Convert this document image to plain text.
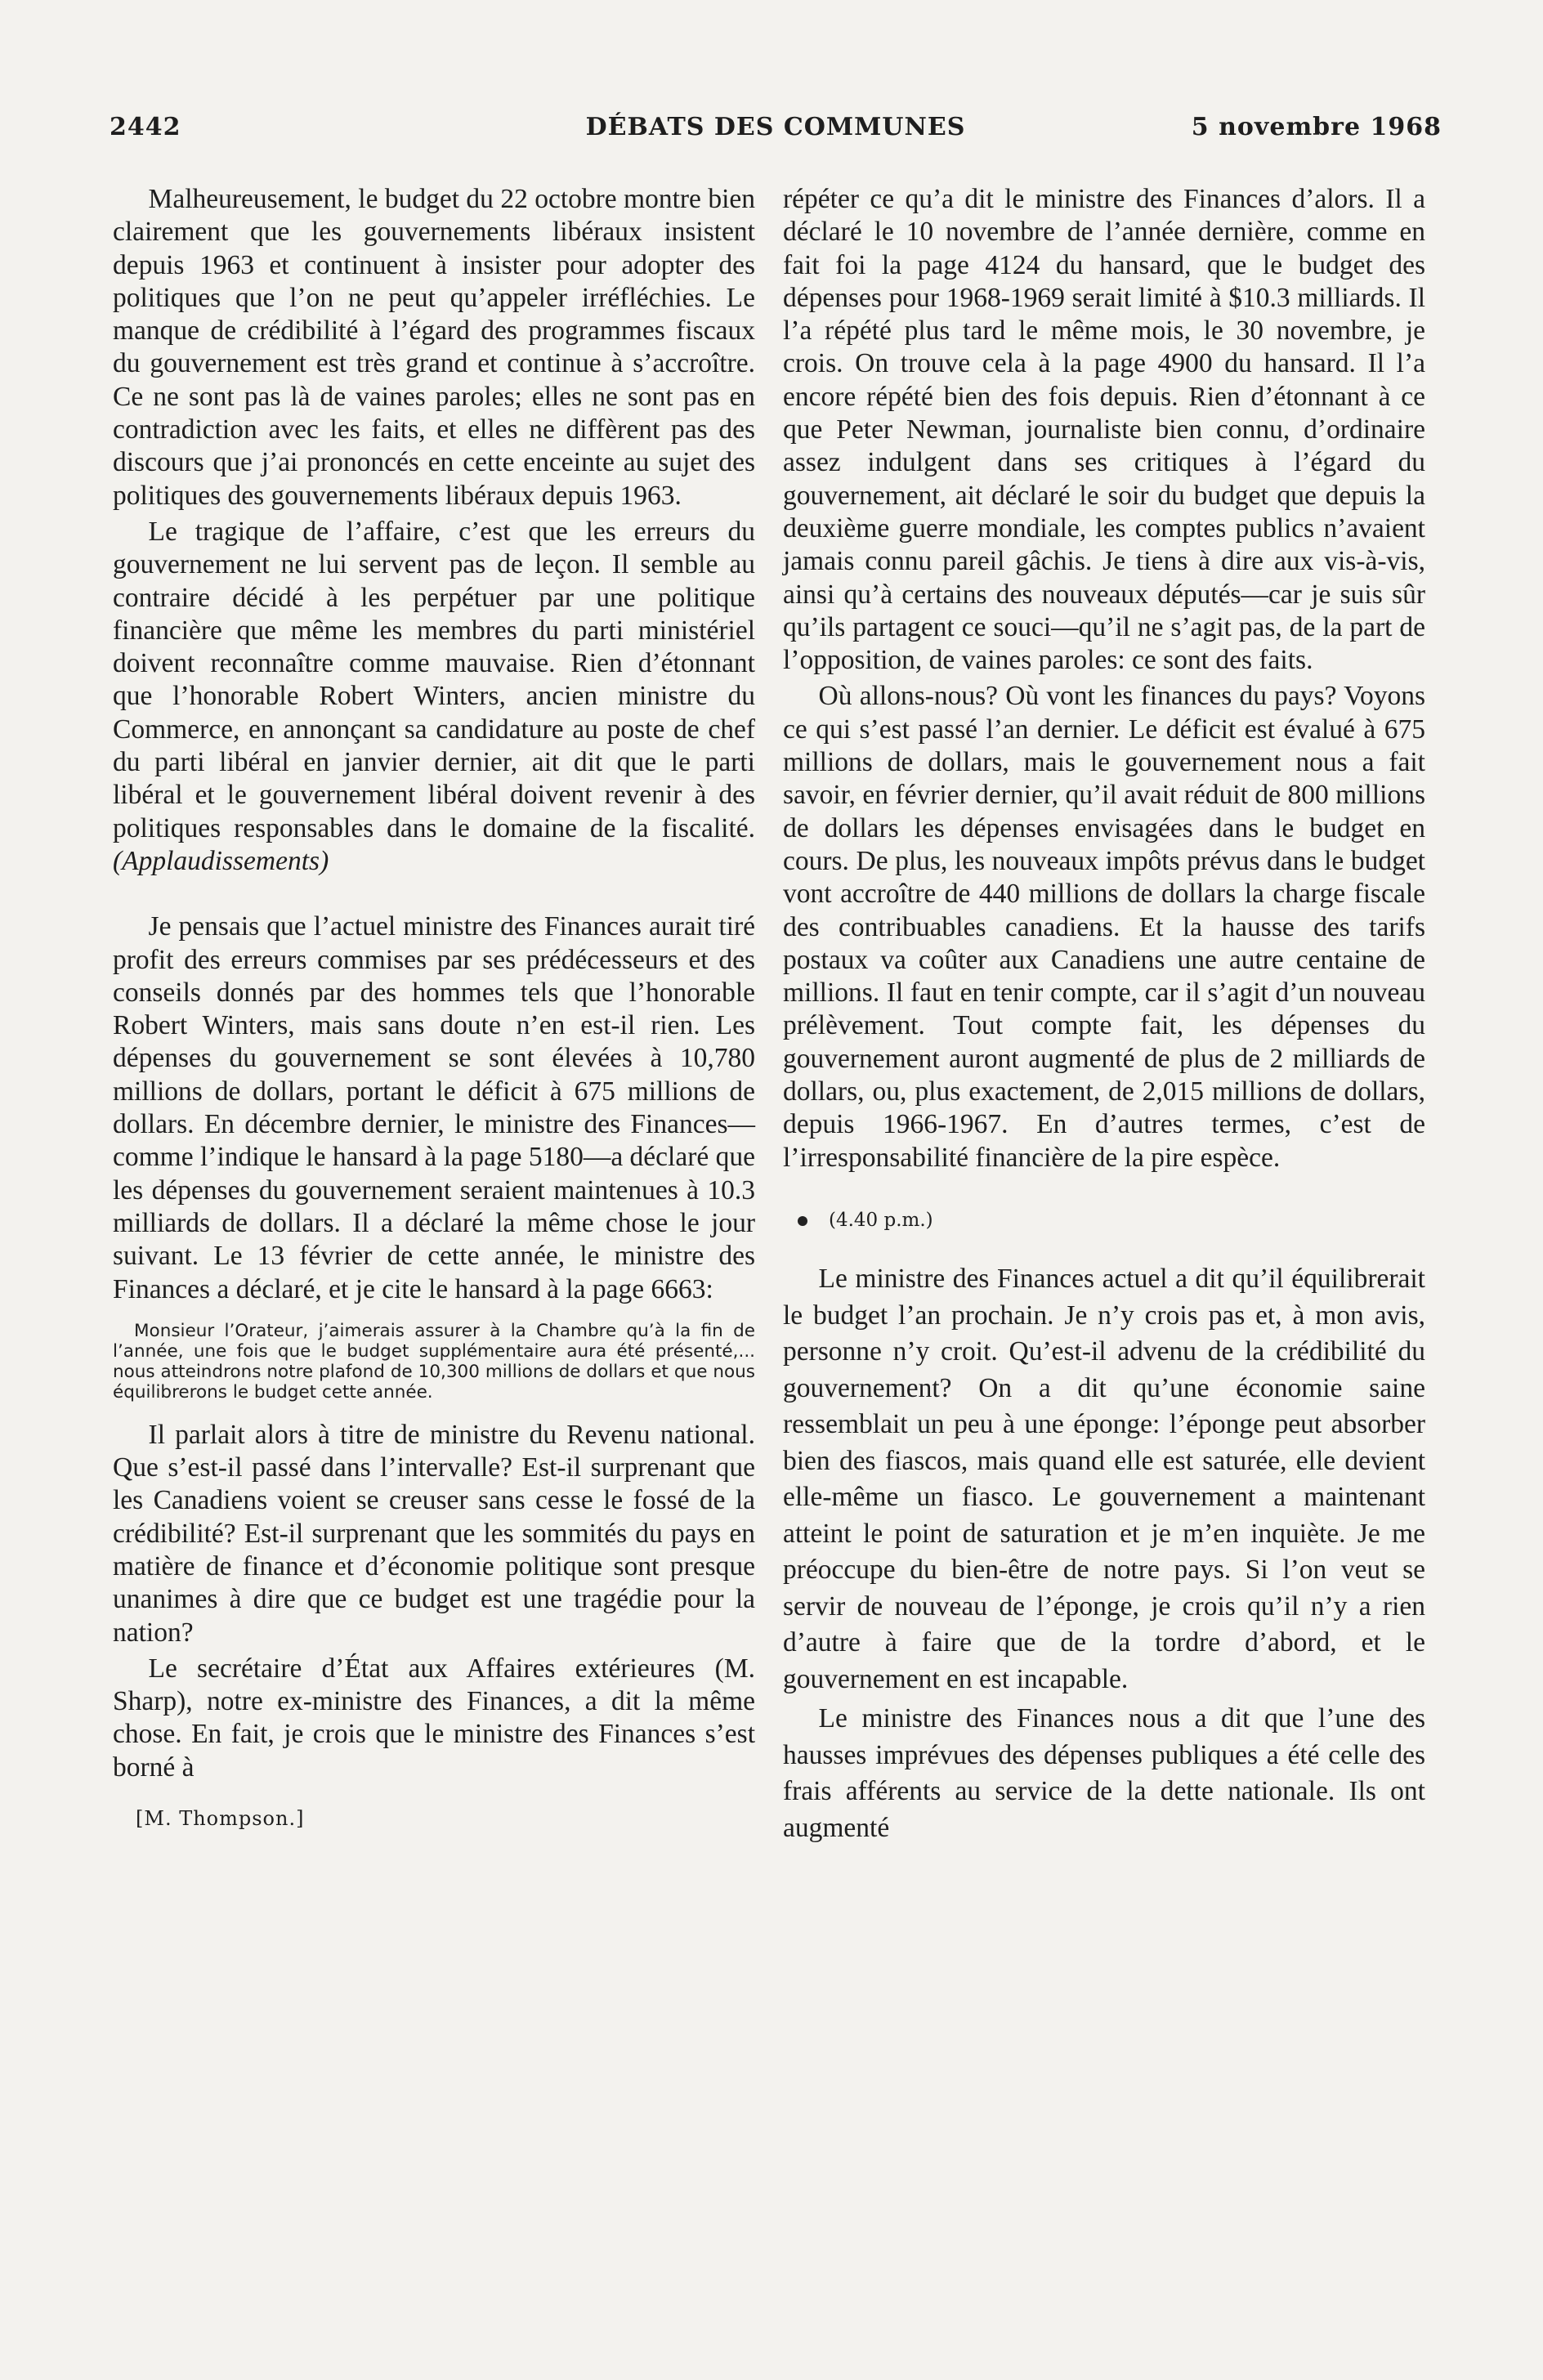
2442	DÉBATS DES COMMUNES	5 novembre 1968

Malheureusement, le budget du 22 octobre montre bien clairement que les gouvernements libéraux insistent depuis 1963 et continuent à insister pour adopter des politiques que l’on ne peut qu’appeler irréfléchies. Le manque de crédibilité à l’égard des programmes fiscaux du gouvernement est très grand et continue à s’accroître. Ce ne sont pas là de vaines paroles; elles ne sont pas en contradiction avec les faits, et elles ne diffèrent pas des discours que j’ai prononcés en cette enceinte au sujet des politiques des gouvernements libéraux depuis 1963.

Le tragique de l’affaire, c’est que les erreurs du gouvernement ne lui servent pas de leçon. Il semble au contraire décidé à les perpétuer par une politique financière que même les membres du parti ministériel doivent reconnaître comme mauvaise. Rien d’étonnant que l’honorable Robert Winters, ancien ministre du Commerce, en annonçant sa candidature au poste de chef du parti libéral en janvier dernier, ait dit que le parti libéral et le gouvernement libéral doivent revenir à des politiques responsables dans le domaine de la fiscalité. (Applaudissements)

Je pensais que l’actuel ministre des Finances aurait tiré profit des erreurs commises par ses prédécesseurs et des conseils donnés par des hommes tels que l’honorable Robert Winters, mais sans doute n’en est-il rien. Les dépenses du gouvernement se sont élevées à 10,780 millions de dollars, portant le déficit à 675 millions de dollars. En décembre dernier, le ministre des Finances—comme l’indique le hansard à la page 5180—a déclaré que les dépenses du gouvernement seraient maintenues à 10.3 milliards de dollars. Il a déclaré la même chose le jour suivant. Le 13 février de cette année, le ministre des Finances a déclaré, et je cite le hansard à la page 6663:

Monsieur l’Orateur, j’aimerais assurer à la Chambre qu’à la fin de l’année, une fois que le budget supplémentaire aura été présenté,... nous atteindrons notre plafond de 10,300 millions de dollars et que nous équilibrerons le budget cette année.

Il parlait alors à titre de ministre du Revenu national. Que s’est-il passé dans l’intervalle? Est-il surprenant que les Canadiens voient se creuser sans cesse le fossé de la crédibilité? Est-il surprenant que les sommités du pays en matière de finance et d’économie politique sont presque unanimes à dire que ce budget est une tragédie pour la nation?

Le secrétaire d’État aux Affaires extérieures (M. Sharp), notre ex-ministre des Finances, a dit la même chose. En fait, je crois que le ministre des Finances s’est borné à

[M. Thompson.]

répéter ce qu’a dit le ministre des Finances d’alors. Il a déclaré le 10 novembre de l’année dernière, comme en fait foi la page 4124 du hansard, que le budget des dépenses pour 1968-1969 serait limité à $10.3 milliards. Il l’a répété plus tard le même mois, le 30 novembre, je crois. On trouve cela à la page 4900 du hansard. Il l’a encore répété bien des fois depuis. Rien d’étonnant à ce que Peter Newman, journaliste bien connu, d’ordinaire assez indulgent dans ses critiques à l’égard du gouvernement, ait déclaré le soir du budget que depuis la deuxième guerre mondiale, les comptes publics n’avaient jamais connu pareil gâchis. Je tiens à dire aux vis-à-vis, ainsi qu’à certains des nouveaux députés—car je suis sûr qu’ils partagent ce souci—qu’il ne s’agit pas, de la part de l’opposition, de vaines paroles: ce sont des faits.

Où allons-nous? Où vont les finances du pays? Voyons ce qui s’est passé l’an dernier. Le déficit est évalué à 675 millions de dollars, mais le gouvernement nous a fait savoir, en février dernier, qu’il avait réduit de 800 millions de dollars les dépenses envisagées dans le budget en cours. De plus, les nouveaux impôts prévus dans le budget vont accroître de 440 millions de dollars la charge fiscale des contribuables canadiens. Et la hausse des tarifs postaux va coûter aux Canadiens une autre centaine de millions. Il faut en tenir compte, car il s’agit d’un nouveau prélèvement. Tout compte fait, les dépenses du gouvernement auront augmenté de plus de 2 milliards de dollars, ou, plus exactement, de 2,015 millions de dollars, depuis 1966-1967. En d’autres termes, c’est de l’irresponsabilité financière de la pire espèce.

(4.40 p.m.)

Le ministre des Finances actuel a dit qu’il équilibrerait le budget l’an prochain. Je n’y crois pas et, à mon avis, personne n’y croit. Qu’est-il advenu de la crédibilité du gouvernement? On a dit qu’une économie saine ressemblait un peu à une éponge: l’éponge peut absorber bien des fiascos, mais quand elle est saturée, elle devient elle-même un fiasco. Le gouvernement a maintenant atteint le point de saturation et je m’en inquiète. Je me préoccupe du bien-être de notre pays. Si l’on veut se servir de nouveau de l’éponge, je crois qu’il n’y a rien d’autre à faire que de la tordre d’abord, et le gouvernement en est incapable.

Le ministre des Finances nous a dit que l’une des hausses imprévues des dépenses publiques a été celle des frais afférents au service de la dette nationale. Ils ont augmenté
